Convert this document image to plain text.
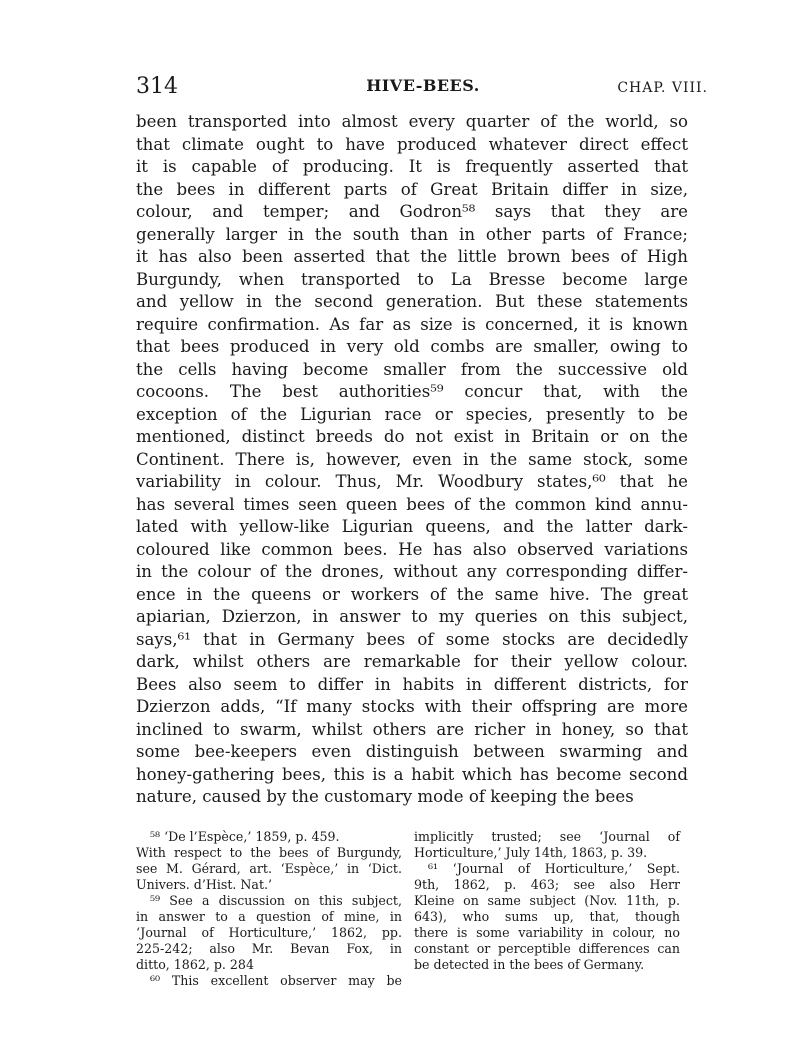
314	HIVE-BEES.	CHAP. VIII.
been transported into almost every quarter of the world, so
that climate ought to have produced whatever direct effect
it is capable of producing. It is frequently asserted that
the bees in different parts of Great Britain differ in size,
colour, and temper; and Godron⁵⁸ says that they are
generally larger in the south than in other parts of France;
it has also been asserted that the little brown bees of High
Burgundy, when transported to La Bresse become large
and yellow in the second generation. But these statements
require confirmation. As far as size is concerned, it is known
that bees produced in very old combs are smaller, owing to
the cells having become smaller from the successive old
cocoons. The best authorities⁵⁹ concur that, with the
exception of the Ligurian race or species, presently to be
mentioned, distinct breeds do not exist in Britain or on the
Continent. There is, however, even in the same stock, some
variability in colour. Thus, Mr. Woodbury states,⁶⁰ that he
has several times seen queen bees of the common kind annu-
lated with yellow-like Ligurian queens, and the latter dark-
coloured like common bees. He has also observed variations
in the colour of the drones, without any corresponding differ-
ence in the queens or workers of the same hive. The great
apiarian, Dzierzon, in answer to my queries on this subject,
says,⁶¹ that in Germany bees of some stocks are decidedly
dark, whilst others are remarkable for their yellow colour.
Bees also seem to differ in habits in different districts, for
Dzierzon adds, “If many stocks with their offspring are more
inclined to swarm, whilst others are richer in honey, so that
some bee-keepers even distinguish between swarming and
honey-gathering bees, this is a habit which has become second
nature, caused by the customary mode of keeping the bees
⁵⁸ ‘De l’Espèce,’ 1859, p. 459.
With respect to the bees of Burgundy,
see M. Gérard, art. ‘Espèce,’ in ‘Dict.
Univers. d’Hist. Nat.’
⁵⁹ See a discussion on this subject,
in answer to a question of mine, in
‘Journal of Horticulture,’ 1862, pp.
225-242; also Mr. Bevan Fox, in
ditto, 1862, p. 284
⁶⁰ This excellent observer may be
implicitly trusted; see ‘Journal of
Horticulture,’ July 14th, 1863, p. 39.
⁶¹ ‘Journal of Horticulture,’ Sept.
9th, 1862, p. 463; see also Herr
Kleine on same subject (Nov. 11th, p.
643), who sums up, that, though
there is some variability in colour, no
constant or perceptible differences can
be detected in the bees of Germany.
